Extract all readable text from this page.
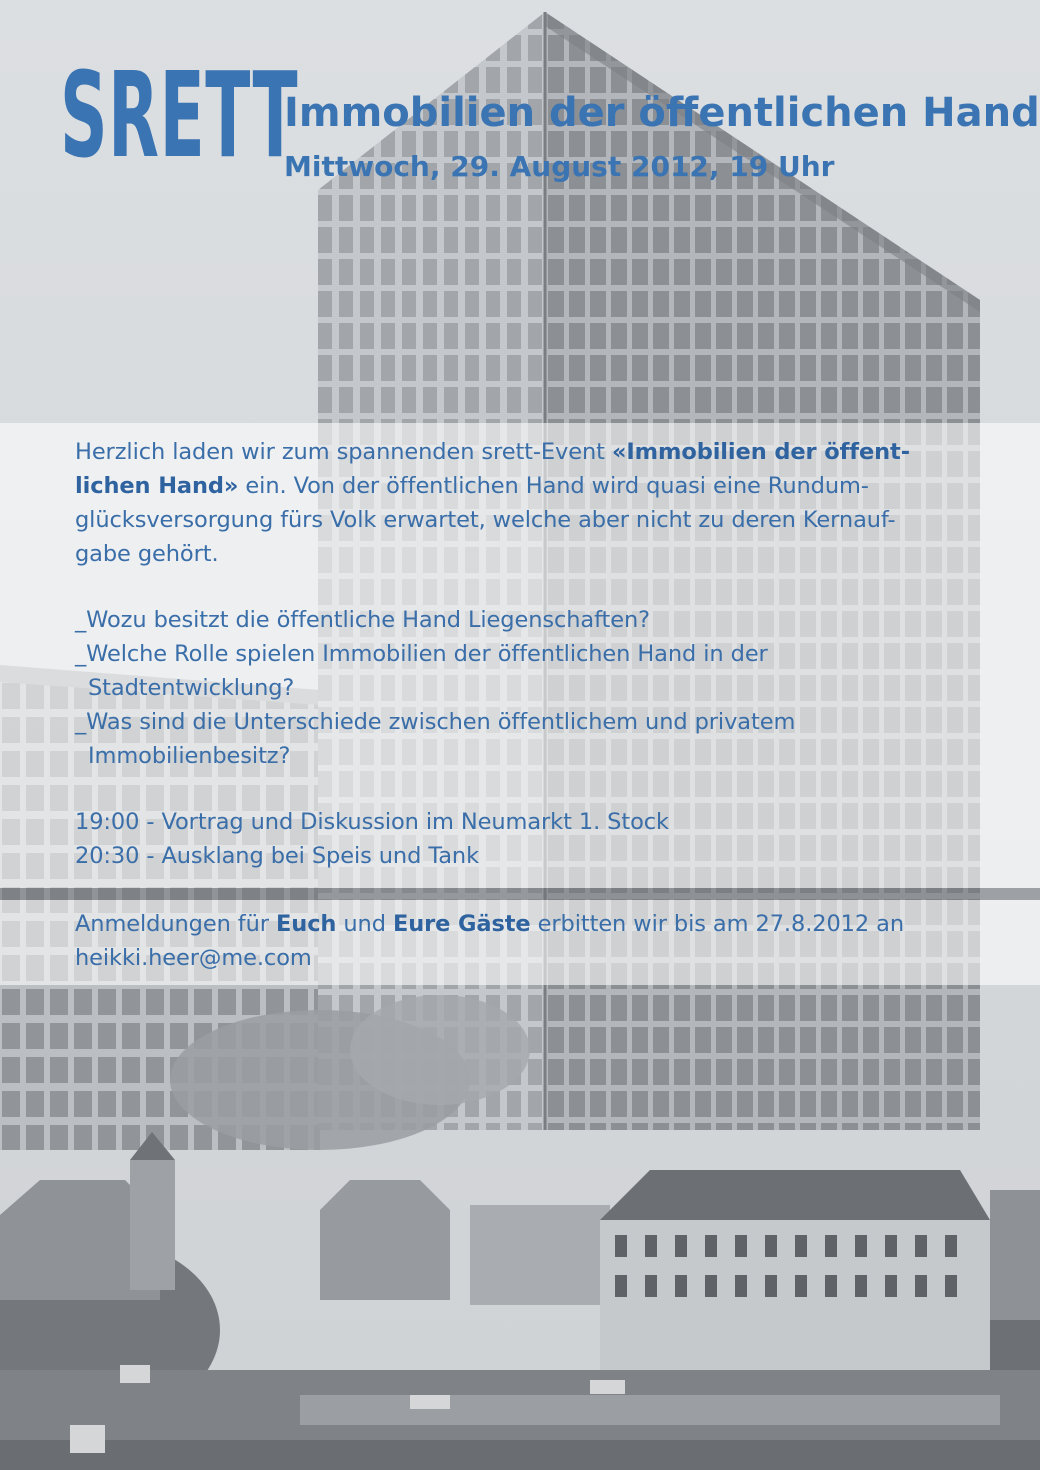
SRETT
Immobilien der öffentlichen Hand
Mittwoch, 29. August 2012, 19 Uhr
Herzlich laden wir zum spannenden srett-Event «Immobilien der öffent-
lichen Hand» ein. Von der öffentlichen Hand wird quasi eine Rundum-
glücksversorgung fürs Volk erwartet, welche aber nicht zu deren Kernauf-
gabe gehört.
_Wozu besitzt die öffentliche Hand Liegenschaften?
_Welche Rolle spielen Immobilien der öffentlichen Hand in der
Stadtentwicklung?
_Was sind die Unterschiede zwischen öffentlichem und privatem
Immobilienbesitz?
19:00 - Vortrag und Diskussion im Neumarkt 1. Stock
20:30 - Ausklang bei Speis und Tank
Anmeldungen für Euch und Eure Gäste erbitten wir bis am 27.8.2012 an
heikki.heer@me.com
